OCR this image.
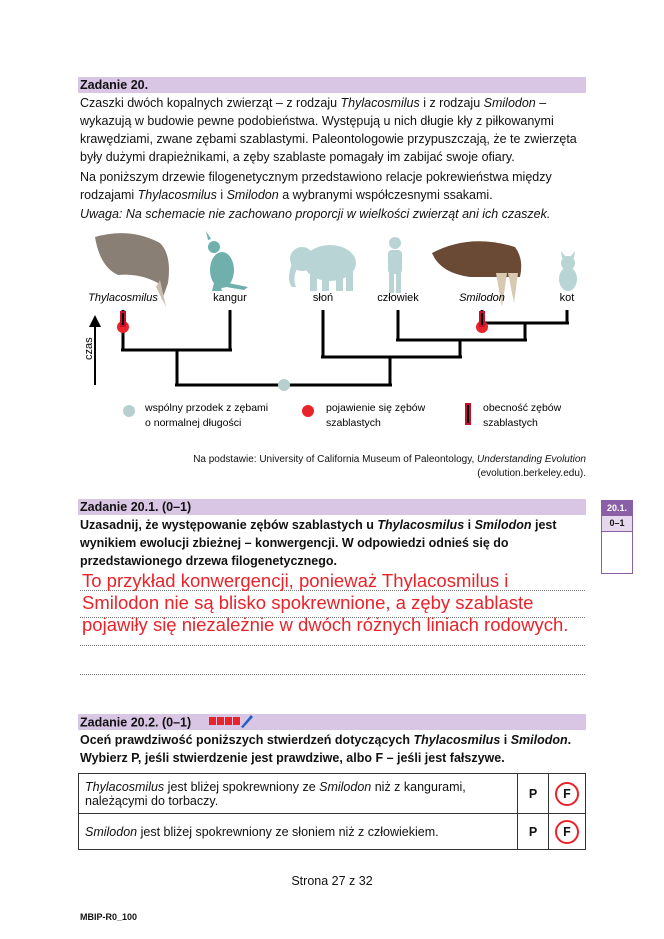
Zadanie 20.
Czaszki dwóch kopalnych zwierząt – z rodzaju Thylacosmilus i z rodzaju Smilodon – wykazują w budowie pewne podobieństwa. Występują u nich długie kły z piłkowanymi krawędziami, zwane zębami szablastymi. Paleontologowie przypuszczają, że te zwierzęta były dużymi drapieżnikami, a zęby szablaste pomagały im zabijać swoje ofiary.
Na poniższym drzewie filogenetycznym przedstawiono relacje pokrewieństwa między rodzajami Thylacosmilus i Smilodon a wybranymi współczesnymi ssakami.
Uwaga: Na schemacie nie zachowano proporcji w wielkości zwierząt ani ich czaszek.
Thylacosmilus	kangur	słoń	człowiek	Smilodon	kot
czas
wspólny przodek z zębami
o normalnej długości
pojawienie się zębów
szablastych
obecność zębów
szablastych
Na podstawie: University of California Museum of Paleontology, Understanding Evolution
(evolution.berkeley.edu).
Zadanie 20.1. (0–1)
Uzasadnij, że występowanie zębów szablastych u Thylacosmilus i Smilodon jest wynikiem ewolucji zbieżnej – konwergencji. W odpowiedzi odnieś się do przedstawionego drzewa filogenetycznego.
To przykład konwergencji, ponieważ Thylacosmilus i Smilodon nie są blisko spokrewnione, a zęby szablaste pojawiły się niezależnie w dwóch różnych liniach rodowych.
20.1.
0–1
Zadanie 20.2. (0–1)
Oceń prawdziwość poniższych stwierdzeń dotyczących Thylacosmilus i Smilodon. Wybierz P, jeśli stwierdzenie jest prawdziwe, albo F – jeśli jest fałszywe.
Thylacosmilus jest bliżej spokrewniony ze Smilodon niż z kangurami, należącymi do torbaczy.	P	F
Smilodon jest bliżej spokrewniony ze słoniem niż z człowiekiem.	P	F
Strona 27 z 32
MBIP-R0_100
